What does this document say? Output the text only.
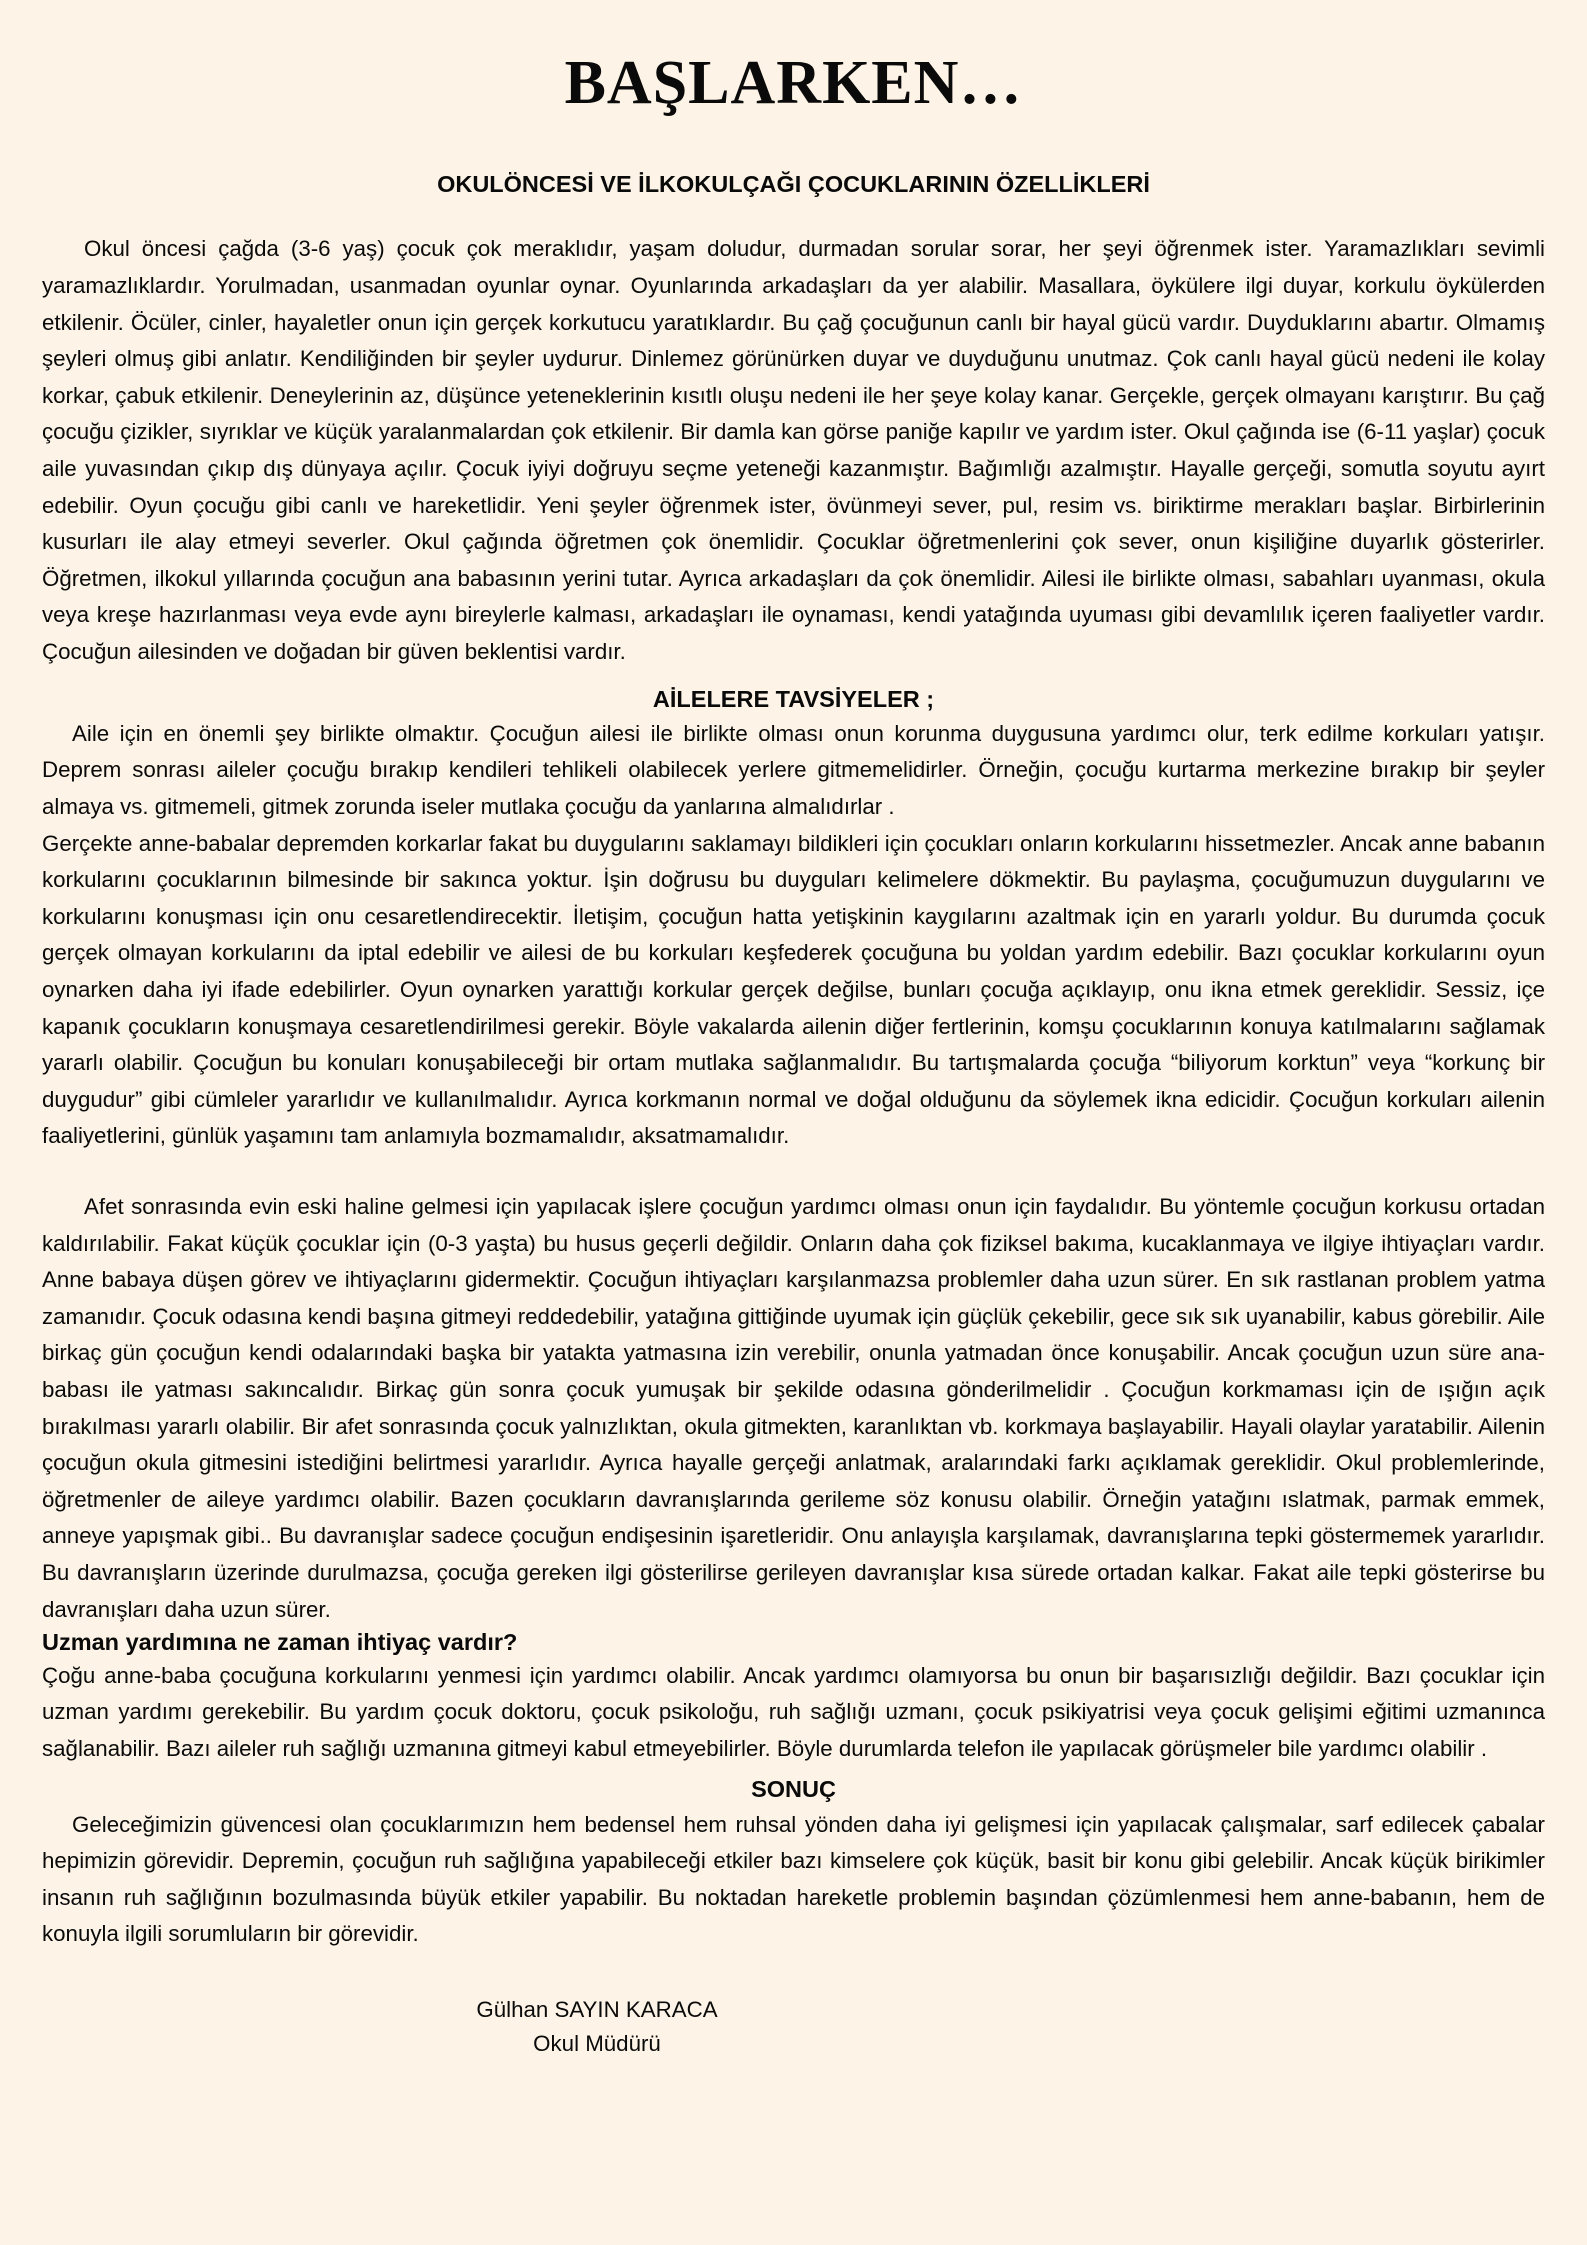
BAŞLARKEN…
OKULÖNCESİ VE İLKOKULÇAĞI ÇOCUKLARININ ÖZELLİKLERİ

Okul öncesi çağda (3-6 yaş) çocuk çok meraklıdır, yaşam doludur, durmadan sorular sorar, her şeyi öğrenmek ister. Yaramazlıkları sevimli yaramazlıklardır. Yorulmadan, usanmadan oyunlar oynar. Oyunlarında arkadaşları da yer alabilir. Masallara, öykülere ilgi duyar, korkulu öykülerden etkilenir. Öcüler, cinler, hayaletler onun için gerçek korkutucu yaratıklardır. Bu çağ çocuğunun canlı bir hayal gücü vardır. Duyduklarını abartır. Olmamış şeyleri olmuş gibi anlatır. Kendiliğinden bir şeyler uydurur. Dinlemez görünürken duyar ve duyduğunu unutmaz. Çok canlı hayal gücü nedeni ile kolay korkar, çabuk etkilenir. Deneylerinin az, düşünce yeteneklerinin kısıtlı oluşu nedeni ile her şeye kolay kanar. Gerçekle, gerçek olmayanı karıştırır. Bu çağ çocuğu çizikler, sıyrıklar ve küçük yaralanmalardan çok etkilenir. Bir damla kan görse paniğe kapılır ve yardım ister. Okul çağında ise (6-11 yaşlar) çocuk aile yuvasından çıkıp dış dünyaya açılır. Çocuk iyiyi doğruyu seçme yeteneği kazanmıştır. Bağımlığı azalmıştır. Hayalle gerçeği, somutla soyutu ayırt edebilir. Oyun çocuğu gibi canlı ve hareketlidir. Yeni şeyler öğrenmek ister, övünmeyi sever, pul, resim vs. biriktirme merakları başlar. Birbirlerinin kusurları ile alay etmeyi severler. Okul çağında öğretmen çok önemlidir. Çocuklar öğretmenlerini çok sever, onun kişiliğine duyarlık gösterirler. Öğretmen, ilkokul yıllarında çocuğun ana babasının yerini tutar. Ayrıca arkadaşları da çok önemlidir. Ailesi ile birlikte olması, sabahları uyanması, okula veya kreşe hazırlanması veya evde aynı bireylerle kalması, arkadaşları ile oynaması, kendi yatağında uyuması gibi devamlılık içeren faaliyetler vardır. Çocuğun ailesinden ve doğadan bir güven beklentisi vardır.

AİLELERE TAVSİYELER ;

Aile için en önemli şey birlikte olmaktır. Çocuğun ailesi ile birlikte olması onun korunma duygusuna yardımcı olur, terk edilme korkuları yatışır. Deprem sonrası aileler çocuğu bırakıp kendileri tehlikeli olabilecek yerlere gitmemelidirler. Örneğin, çocuğu kurtarma merkezine bırakıp bir şeyler almaya vs. gitmemeli, gitmek zorunda iseler mutlaka çocuğu da yanlarına almalıdırlar .

Gerçekte anne-babalar depremden korkarlar fakat bu duygularını saklamayı bildikleri için çocukları onların korkularını hissetmezler. Ancak anne babanın korkularını çocuklarının bilmesinde bir sakınca yoktur. İşin doğrusu bu duyguları kelimelere dökmektir. Bu paylaşma, çocuğumuzun duygularını ve korkularını konuşması için onu cesaretlendirecektir. İletişim, çocuğun hatta yetişkinin kaygılarını azaltmak için en yararlı yoldur. Bu durumda çocuk gerçek olmayan korkularını da iptal edebilir ve ailesi de bu korkuları keşfederek çocuğuna bu yoldan yardım edebilir. Bazı çocuklar korkularını oyun oynarken daha iyi ifade edebilirler. Oyun oynarken yarattığı korkular gerçek değilse, bunları çocuğa açıklayıp, onu ikna etmek gereklidir. Sessiz, içe kapanık çocukların konuşmaya cesaretlendirilmesi gerekir. Böyle vakalarda ailenin diğer fertlerinin, komşu çocuklarının konuya katılmalarını sağlamak yararlı olabilir. Çocuğun bu konuları konuşabileceği bir ortam mutlaka sağlanmalıdır. Bu tartışmalarda çocuğa “biliyorum korktun” veya “korkunç bir duygudur” gibi cümleler yararlıdır ve kullanılmalıdır. Ayrıca korkmanın normal ve doğal olduğunu da söylemek ikna edicidir. Çocuğun korkuları ailenin faaliyetlerini, günlük yaşamını tam anlamıyla bozmamalıdır, aksatmamalıdır.

Afet sonrasında evin eski haline gelmesi için yapılacak işlere çocuğun yardımcı olması onun için faydalıdır. Bu yöntemle çocuğun korkusu ortadan kaldırılabilir. Fakat küçük çocuklar için (0-3 yaşta) bu husus geçerli değildir. Onların daha çok fiziksel bakıma, kucaklanmaya ve ilgiye ihtiyaçları vardır. Anne babaya düşen görev ve ihtiyaçlarını gidermektir. Çocuğun ihtiyaçları karşılanmazsa problemler daha uzun sürer. En sık rastlanan problem yatma zamanıdır. Çocuk odasına kendi başına gitmeyi reddedebilir, yatağına gittiğinde uyumak için güçlük çekebilir, gece sık sık uyanabilir, kabus görebilir. Aile birkaç gün çocuğun kendi odalarındaki başka bir yatakta yatmasına izin verebilir, onunla yatmadan önce konuşabilir. Ancak çocuğun uzun süre ana-babası ile yatması sakıncalıdır. Birkaç gün sonra çocuk yumuşak bir şekilde odasına gönderilmelidir . Çocuğun korkmaması için de ışığın açık bırakılması yararlı olabilir. Bir afet sonrasında çocuk yalnızlıktan, okula gitmekten, karanlıktan vb. korkmaya başlayabilir. Hayali olaylar yaratabilir. Ailenin çocuğun okula gitmesini istediğini belirtmesi yararlıdır. Ayrıca hayalle gerçeği anlatmak, aralarındaki farkı açıklamak gereklidir. Okul problemlerinde, öğretmenler de aileye yardımcı olabilir. Bazen çocukların davranışlarında gerileme söz konusu olabilir. Örneğin yatağını ıslatmak, parmak emmek, anneye yapışmak gibi.. Bu davranışlar sadece çocuğun endişesinin işaretleridir. Onu anlayışla karşılamak, davranışlarına tepki göstermemek yararlıdır. Bu davranışların üzerinde durulmazsa, çocuğa gereken ilgi gösterilirse gerileyen davranışlar kısa sürede ortadan kalkar. Fakat aile tepki gösterirse bu davranışları daha uzun sürer.

Uzman yardımına ne zaman ihtiyaç vardır?

Çoğu anne-baba çocuğuna korkularını yenmesi için yardımcı olabilir. Ancak yardımcı olamıyorsa bu onun bir başarısızlığı değildir. Bazı çocuklar için uzman yardımı gerekebilir. Bu yardım çocuk doktoru, çocuk psikoloğu, ruh sağlığı uzmanı, çocuk psikiyatrisi veya çocuk gelişimi eğitimi uzmanınca sağlanabilir. Bazı aileler ruh sağlığı uzmanına gitmeyi kabul etmeyebilirler. Böyle durumlarda telefon ile yapılacak görüşmeler bile yardımcı olabilir .

SONUÇ

Geleceğimizin güvencesi olan çocuklarımızın hem bedensel hem ruhsal yönden daha iyi gelişmesi için yapılacak çalışmalar, sarf edilecek çabalar hepimizin görevidir. Depremin, çocuğun ruh sağlığına yapabileceği etkiler bazı kimselere çok küçük, basit bir konu gibi gelebilir. Ancak küçük birikimler insanın ruh sağlığının bozulmasında büyük etkiler yapabilir. Bu noktadan hareketle problemin başından çözümlenmesi hem anne-babanın, hem de konuyla ilgili sorumluların bir görevidir.

Gülhan SAYIN KARACA

Okul Müdürü
